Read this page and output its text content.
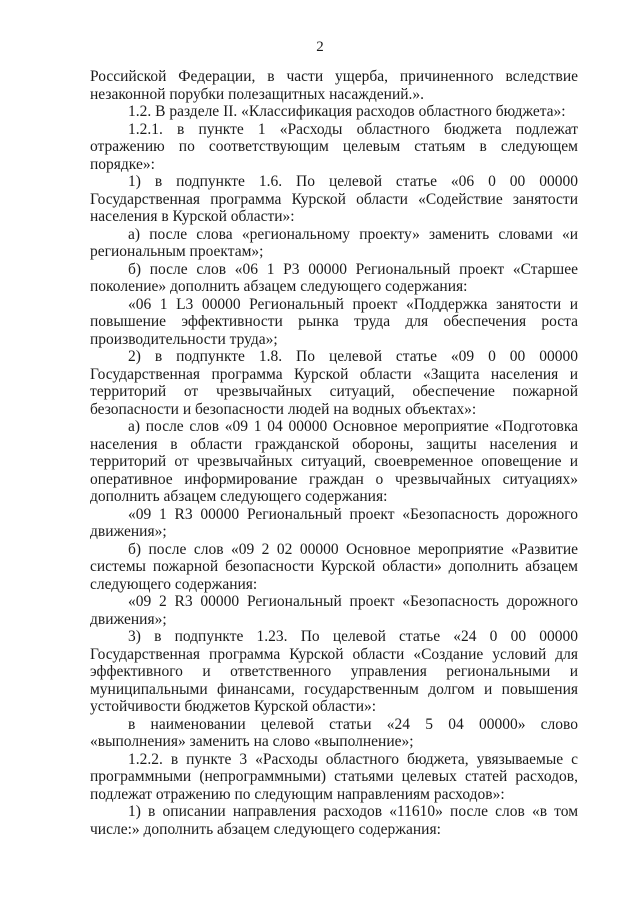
2

Российской Федерации, в части ущерба, причиненного вследствие незаконной порубки полезащитных насаждений.».

1.2. В разделе II. «Классификация расходов областного бюджета»:

1.2.1. в пункте 1 «Расходы областного бюджета подлежат отражению по соответствующим целевым статьям в следующем порядке»:

1) в подпункте 1.6. По целевой статье «06 0 00 00000 Государственная программа Курской области «Содействие занятости населения в Курской области»:

а) после слова «региональному проекту» заменить словами «и региональным проектам»;

б) после слов «06 1 P3 00000 Региональный проект «Старшее поколение» дополнить абзацем следующего содержания:

«06 1 L3 00000 Региональный проект «Поддержка занятости и повышение эффективности рынка труда для обеспечения роста производительности труда»;

2) в подпункте 1.8. По целевой статье «09 0 00 00000 Государственная программа Курской области «Защита населения и территорий от чрезвычайных ситуаций, обеспечение пожарной безопасности и безопасности людей на водных объектах»:

а) после слов «09 1 04 00000 Основное мероприятие «Подготовка населения в области гражданской обороны, защиты населения и территорий от чрезвычайных ситуаций, своевременное оповещение и оперативное информирование граждан о чрезвычайных ситуациях» дополнить абзацем следующего содержания:

«09 1 R3 00000 Региональный проект «Безопасность дорожного движения»;

б) после слов «09 2 02 00000 Основное мероприятие «Развитие системы пожарной безопасности Курской области» дополнить абзацем следующего содержания:

«09 2 R3 00000 Региональный проект «Безопасность дорожного движения»;

3) в подпункте 1.23. По целевой статье «24 0 00 00000 Государственная программа Курской области «Создание условий для эффективного и ответственного управления региональными и муниципальными финансами, государственным долгом и повышения устойчивости бюджетов Курской области»:

в наименовании целевой статьи «24 5 04 00000» слово «выполнения» заменить на слово «выполнение»;

1.2.2. в пункте 3 «Расходы областного бюджета, увязываемые с программными (непрограммными) статьями целевых статей расходов, подлежат отражению по следующим направлениям расходов»:

1) в описании направления расходов «11610» после слов «в том числе:» дополнить абзацем следующего содержания:
